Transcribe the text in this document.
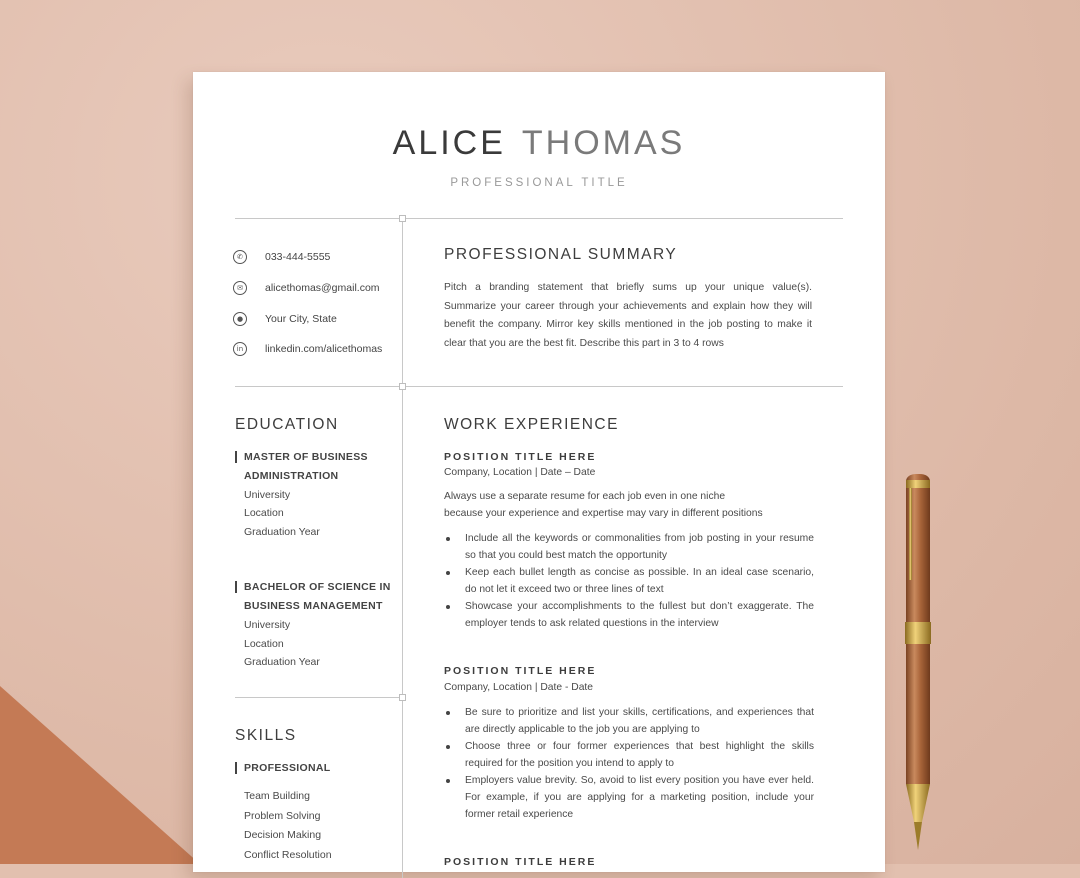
ALICE THOMAS
PROFESSIONAL TITLE
✆	033-444-5555
✉	alicethomas@gmail.com
●	Your City, State
in	linkedin.com/alicethomas
PROFESSIONAL SUMMARY
Pitch a branding statement that briefly sums up your unique value(s). Summarize your career through your achievements and explain how they will benefit the company. Mirror key skills mentioned in the job posting to make it clear that you are the best fit. Describe this part in 3 to 4 rows
EDUCATION
MASTER OF BUSINESS
ADMINISTRATION
University
Location
Graduation Year
BACHELOR OF SCIENCE IN
BUSINESS MANAGEMENT
University
Location
Graduation Year
SKILLS
PROFESSIONAL
Team Building
Problem Solving
Decision Making
Conflict Resolution
WORK EXPERIENCE
POSITION TITLE HERE
Company, Location | Date – Date
Always use a separate resume for each job even in one niche
because your experience and expertise may vary in different positions
Include all the keywords or commonalities from job posting in your resume so that you could best match the opportunity
Keep each bullet length as concise as possible. In an ideal case scenario, do not let it exceed two or three lines of text
Showcase your accomplishments to the fullest but don’t exaggerate. The employer tends to ask related questions in the interview
POSITION TITLE HERE
Company, Location | Date - Date
Be sure to prioritize and list your skills, certifications, and experiences that are directly applicable to the job you are applying to
Choose three or four former experiences that best highlight the skills required for the position you intend to apply to
Employers value brevity. So, avoid to list every position you have ever held. For example, if you are applying for a marketing position, include your former retail experience
POSITION TITLE HERE
